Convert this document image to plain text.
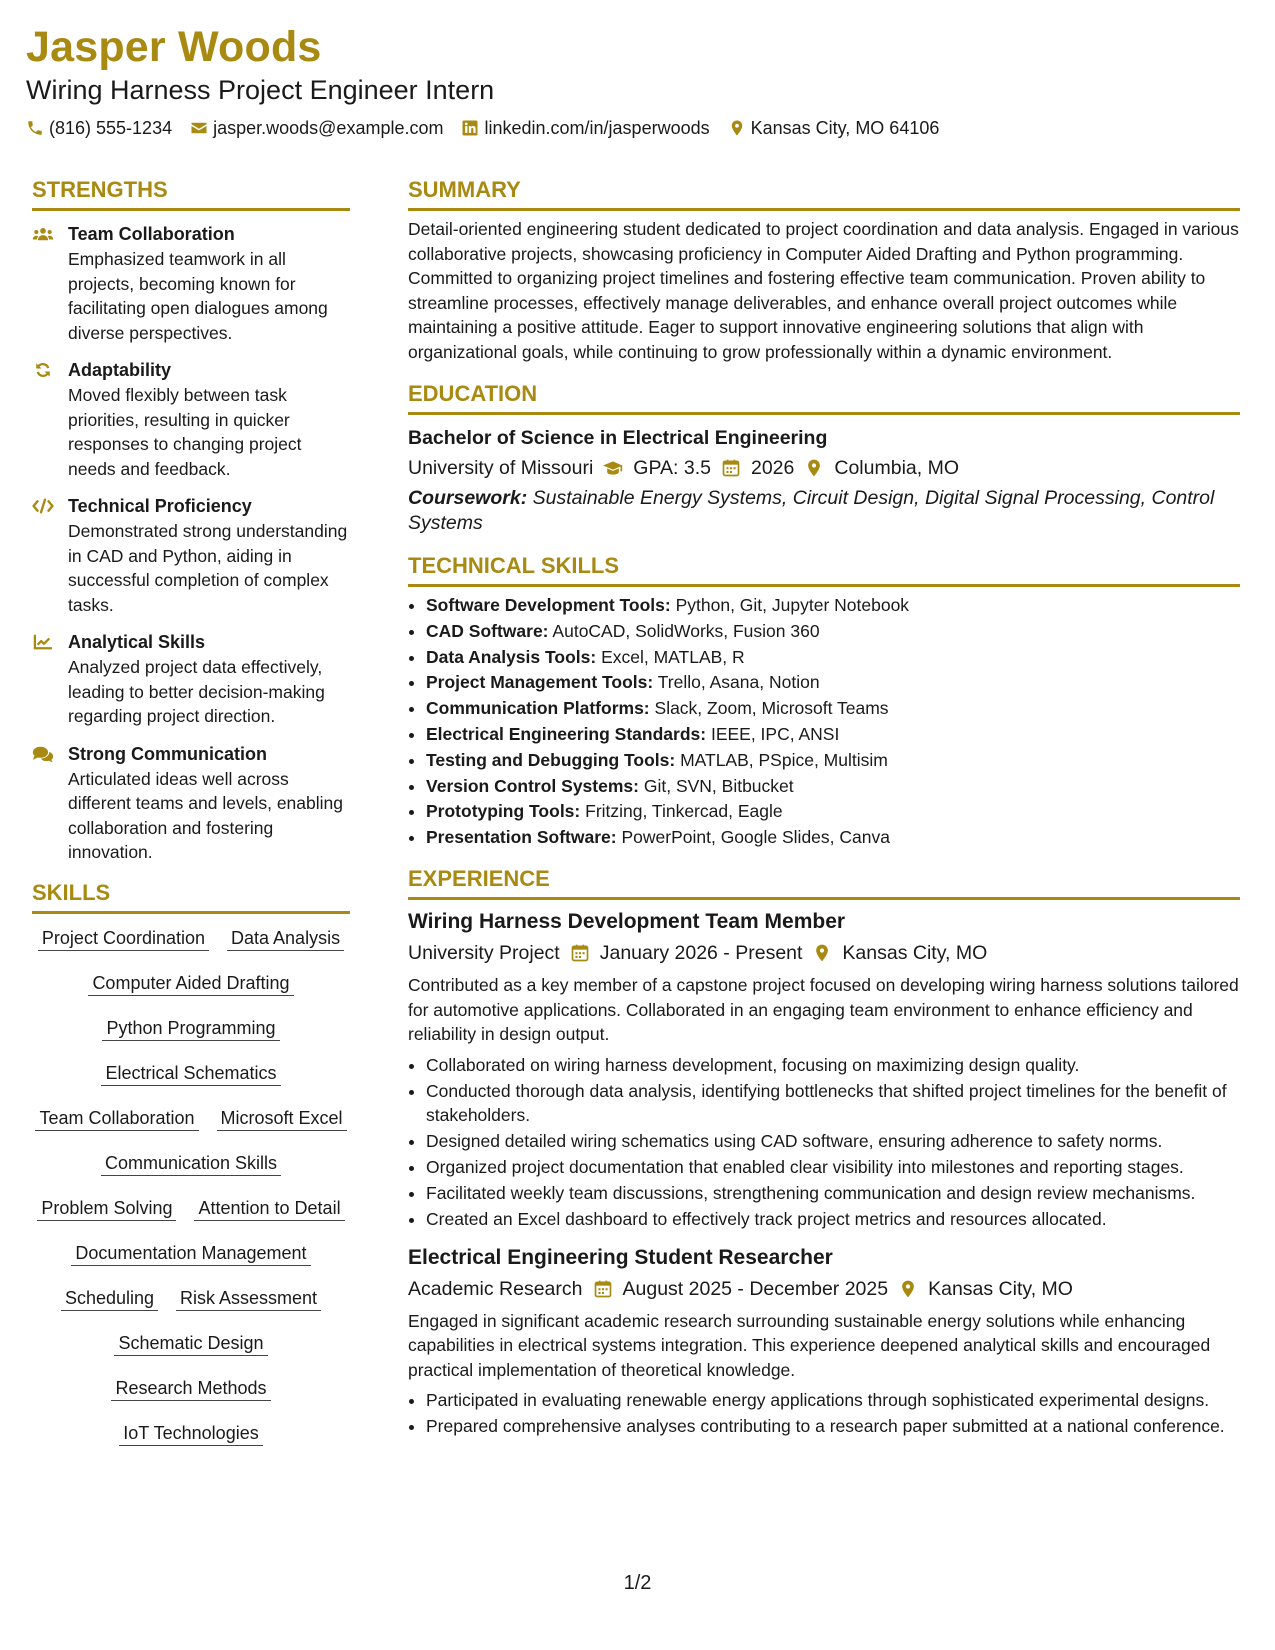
Jasper Woods
Wiring Harness Project Engineer Intern
(816) 555-1234 jasper.woods@example.com linkedin.com/in/jasperwoods Kansas City, MO 64106
STRENGTHS
Team Collaboration
Emphasized teamwork in all projects, becoming known for facilitating open dialogues among diverse perspectives.
Adaptability
Moved flexibly between task priorities, resulting in quicker responses to changing project needs and feedback.
Technical Proficiency
Demonstrated strong understanding in CAD and Python, aiding in successful completion of complex tasks.
Analytical Skills
Analyzed project data effectively, leading to better decision-making regarding project direction.
Strong Communication
Articulated ideas well across different teams and levels, enabling collaboration and fostering innovation.
SKILLS
Project Coordination Data Analysis
Computer Aided Drafting
Python Programming
Electrical Schematics
Team Collaboration Microsoft Excel
Communication Skills
Problem Solving Attention to Detail
Documentation Management
Scheduling Risk Assessment
Schematic Design
Research Methods
IoT Technologies
SUMMARY
Detail-oriented engineering student dedicated to project coordination and data analysis. Engaged in various collaborative projects, showcasing proficiency in Computer Aided Drafting and Python programming. Committed to organizing project timelines and fostering effective team communication. Proven ability to streamline processes, effectively manage deliverables, and enhance overall project outcomes while maintaining a positive attitude. Eager to support innovative engineering solutions that align with organizational goals, while continuing to grow professionally within a dynamic environment.
EDUCATION
Bachelor of Science in Electrical Engineering
University of Missouri GPA: 3.5 2026 Columbia, MO
Coursework: Sustainable Energy Systems, Circuit Design, Digital Signal Processing, Control Systems
TECHNICAL SKILLS
• Software Development Tools: Python, Git, Jupyter Notebook
• CAD Software: AutoCAD, SolidWorks, Fusion 360
• Data Analysis Tools: Excel, MATLAB, R
• Project Management Tools: Trello, Asana, Notion
• Communication Platforms: Slack, Zoom, Microsoft Teams
• Electrical Engineering Standards: IEEE, IPC, ANSI
• Testing and Debugging Tools: MATLAB, PSpice, Multisim
• Version Control Systems: Git, SVN, Bitbucket
• Prototyping Tools: Fritzing, Tinkercad, Eagle
• Presentation Software: PowerPoint, Google Slides, Canva
EXPERIENCE
Wiring Harness Development Team Member
University Project January 2026 - Present Kansas City, MO
Contributed as a key member of a capstone project focused on developing wiring harness solutions tailored for automotive applications. Collaborated in an engaging team environment to enhance efficiency and reliability in design output.
• Collaborated on wiring harness development, focusing on maximizing design quality.
• Conducted thorough data analysis, identifying bottlenecks that shifted project timelines for the benefit of stakeholders.
• Designed detailed wiring schematics using CAD software, ensuring adherence to safety norms.
• Organized project documentation that enabled clear visibility into milestones and reporting stages.
• Facilitated weekly team discussions, strengthening communication and design review mechanisms.
• Created an Excel dashboard to effectively track project metrics and resources allocated.
Electrical Engineering Student Researcher
Academic Research August 2025 - December 2025 Kansas City, MO
Engaged in significant academic research surrounding sustainable energy solutions while enhancing capabilities in electrical systems integration. This experience deepened analytical skills and encouraged practical implementation of theoretical knowledge.
• Participated in evaluating renewable energy applications through sophisticated experimental designs.
• Prepared comprehensive analyses contributing to a research paper submitted at a national conference.
1/2
